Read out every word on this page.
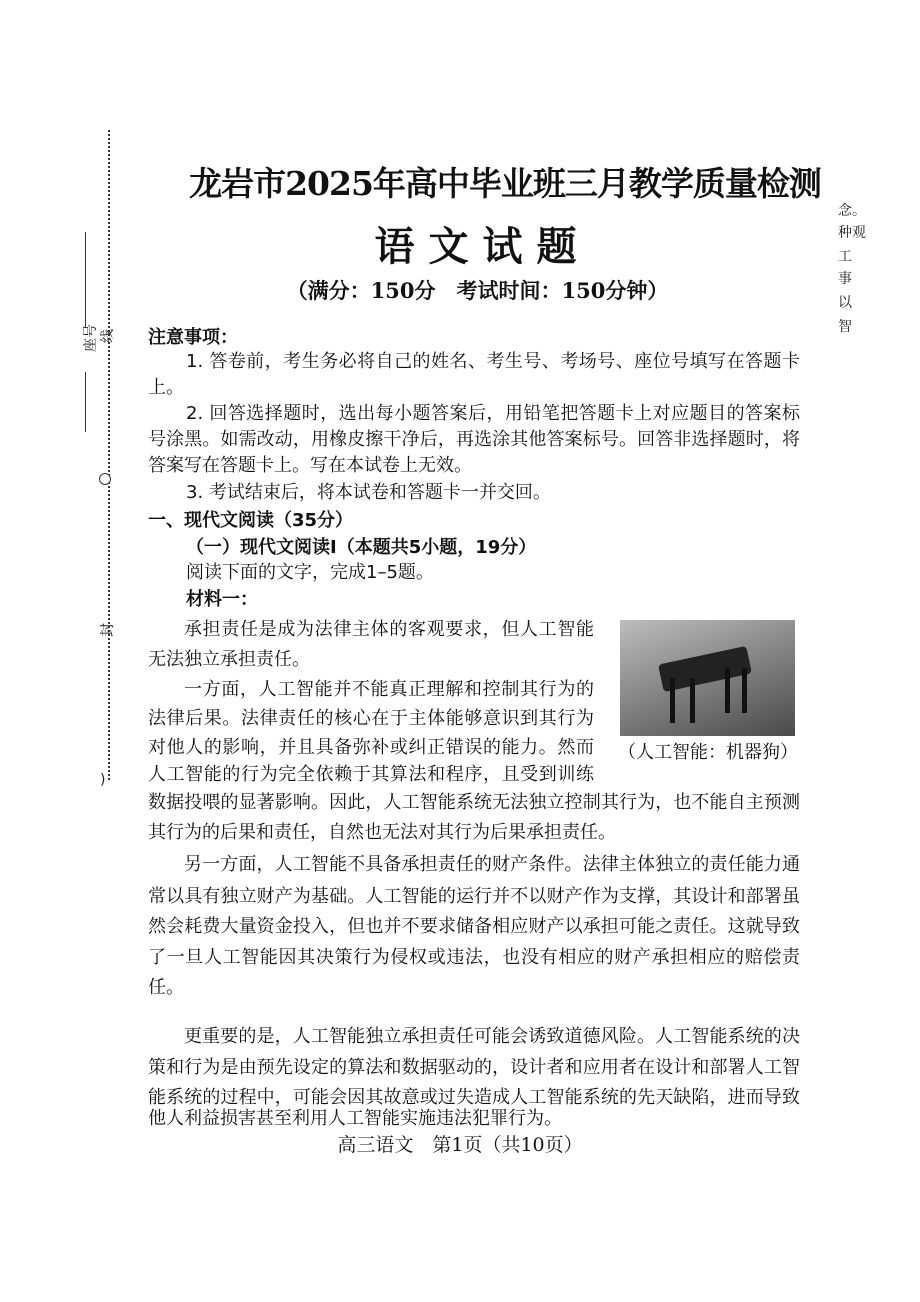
座号 线
封
)
龙岩市2025年高中毕业班三月教学质量检测
语文试题
（满分：150分　考试时间：150分钟）
念。
种观
工
事
以
智
注意事项：
1. 答卷前，考生务必将自己的姓名、考生号、考场号、座位号填写在答题卡
上。
2. 回答选择题时，选出每小题答案后，用铅笔把答题卡上对应题目的答案标
号涂黑。如需改动，用橡皮擦干净后，再选涂其他答案标号。回答非选择题时，将
答案写在答题卡上。写在本试卷上无效。
3. 考试结束后，将本试卷和答题卡一并交回。
一、现代文阅读（35分）
（一）现代文阅读Ⅰ（本题共5小题，19分）
阅读下面的文字，完成1–5题。
材料一：
（人工智能：机器狗）
承担责任是成为法律主体的客观要求，但人工智能
无法独立承担责任。
一方面，人工智能并不能真正理解和控制其行为的
法律后果。法律责任的核心在于主体能够意识到其行为
对他人的影响，并且具备弥补或纠正错误的能力。然而
人工智能的行为完全依赖于其算法和程序，且受到训练
数据投喂的显著影响。因此，人工智能系统无法独立控制其行为，也不能自主预测
其行为的后果和责任，自然也无法对其行为后果承担责任。
另一方面，人工智能不具备承担责任的财产条件。法律主体独立的责任能力通
常以具有独立财产为基础。人工智能的运行并不以财产作为支撑，其设计和部署虽
然会耗费大量资金投入，但也并不要求储备相应财产以承担可能之责任。这就导致
了一旦人工智能因其决策行为侵权或违法，也没有相应的财产承担相应的赔偿责
任。
更重要的是，人工智能独立承担责任可能会诱致道德风险。人工智能系统的决
策和行为是由预先设定的算法和数据驱动的，设计者和应用者在设计和部署人工智
能系统的过程中，可能会因其故意或过失造成人工智能系统的先天缺陷，进而导致
他人利益损害甚至利用人工智能实施违法犯罪行为。
高三语文　第1页（共10页）
